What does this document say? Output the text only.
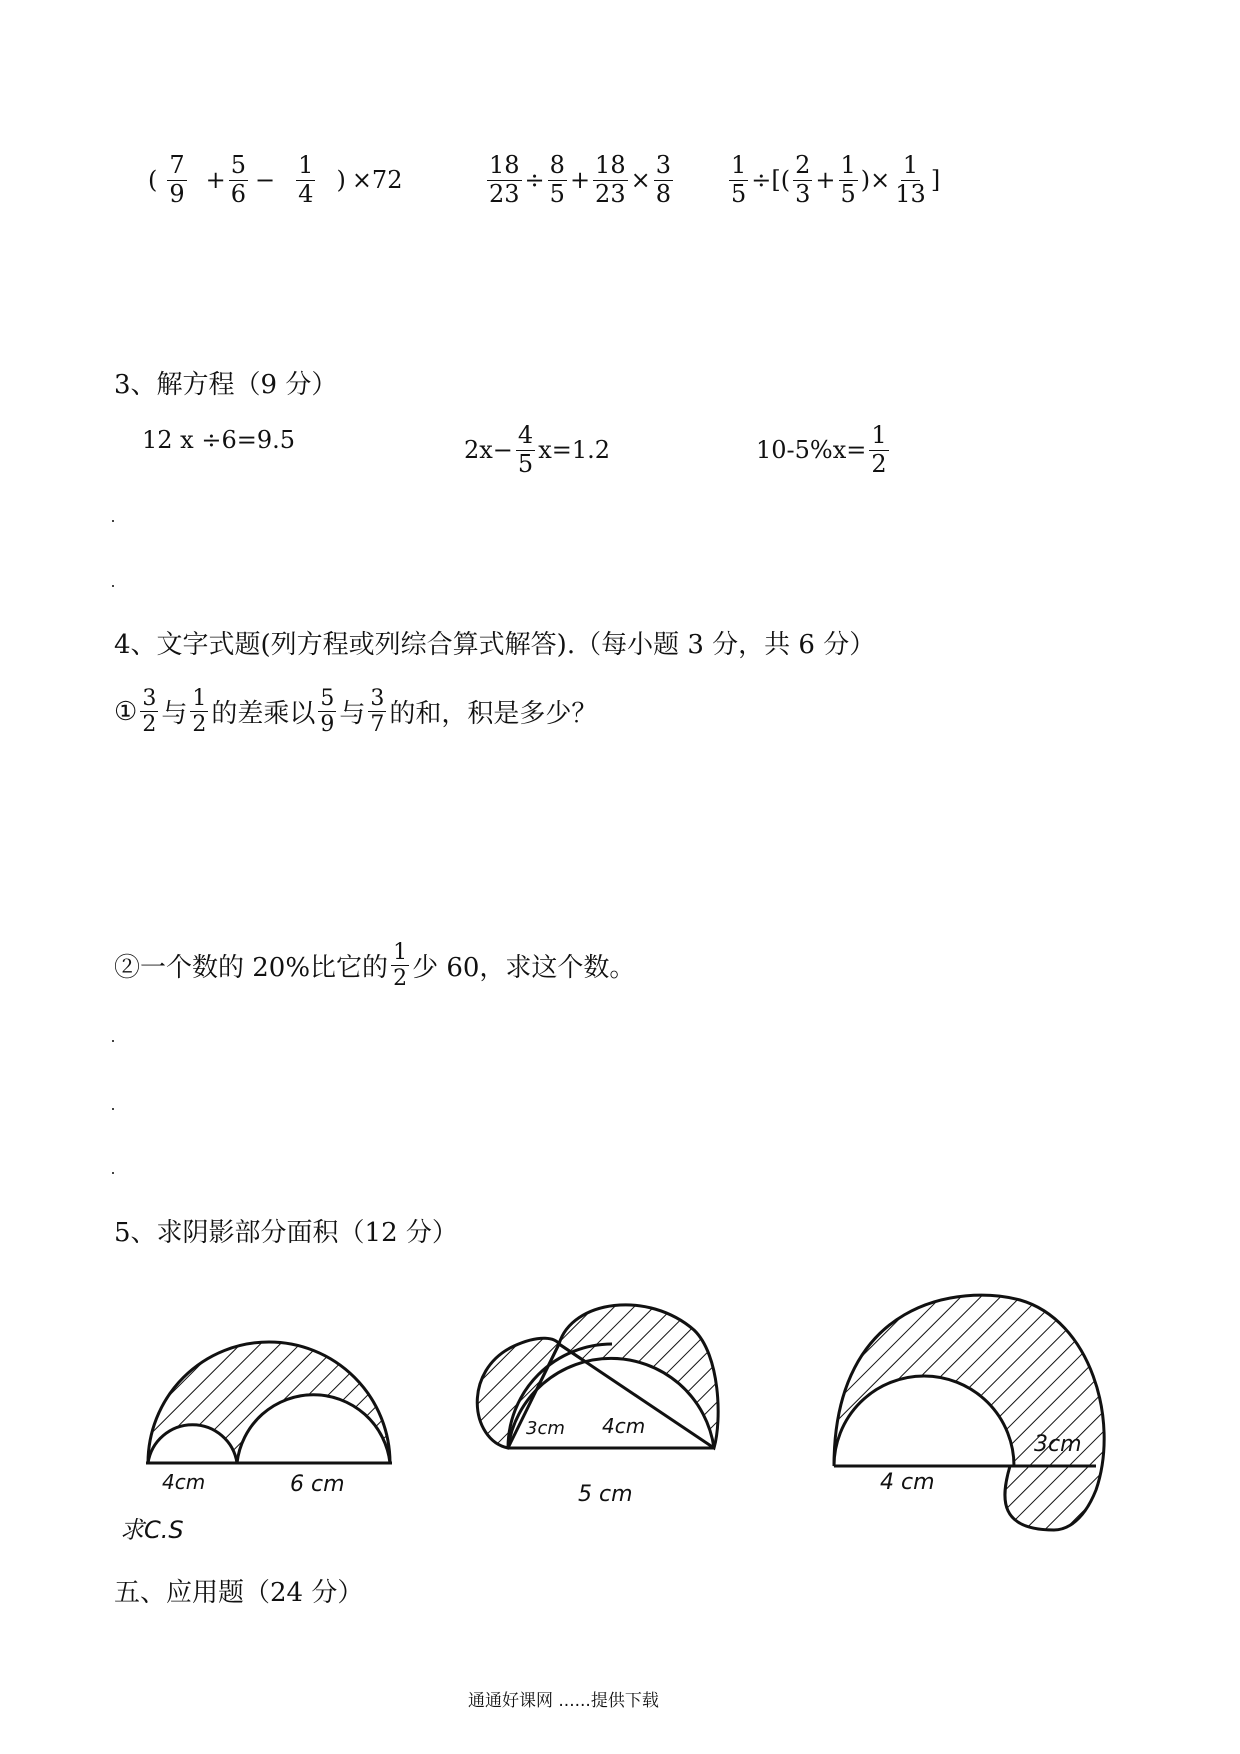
( $\frac{7}{9} + \frac{5}{6} - \frac{1}{4}$ ) ×72	$\frac{18}{23} \div \frac{8}{5} + \frac{18}{23} \times \frac{3}{8} \frac{1}{5}$ ÷[( $\frac{2}{3} + \frac{1}{5}$ )× $\frac{1}{13}$ ]
3、解方程（9 分）
12 x ÷6=9.5	$2x- \frac{4}{5} x=1.2$	$10-5\%x= \frac{1}{2}$
4、文字式题(列方程或列综合算式解答).（每小题 3 分，共 6 分）
① $\frac{3}{2}$ 与 $\frac{1}{2}$ 的差乘以 $\frac{5}{9}$ 与 $\frac{3}{7}$ 的和，积是多少？
②一个数的 20%比它的 $\frac{1}{2}$ 少 60，求这个数。
5、求阴影部分面积（12 分）
4cm	6 cm
求C.S
3cm 4cm
5 cm	4 cm
3cm
五、应用题（24 分）
通通好课网 ......提供下载
